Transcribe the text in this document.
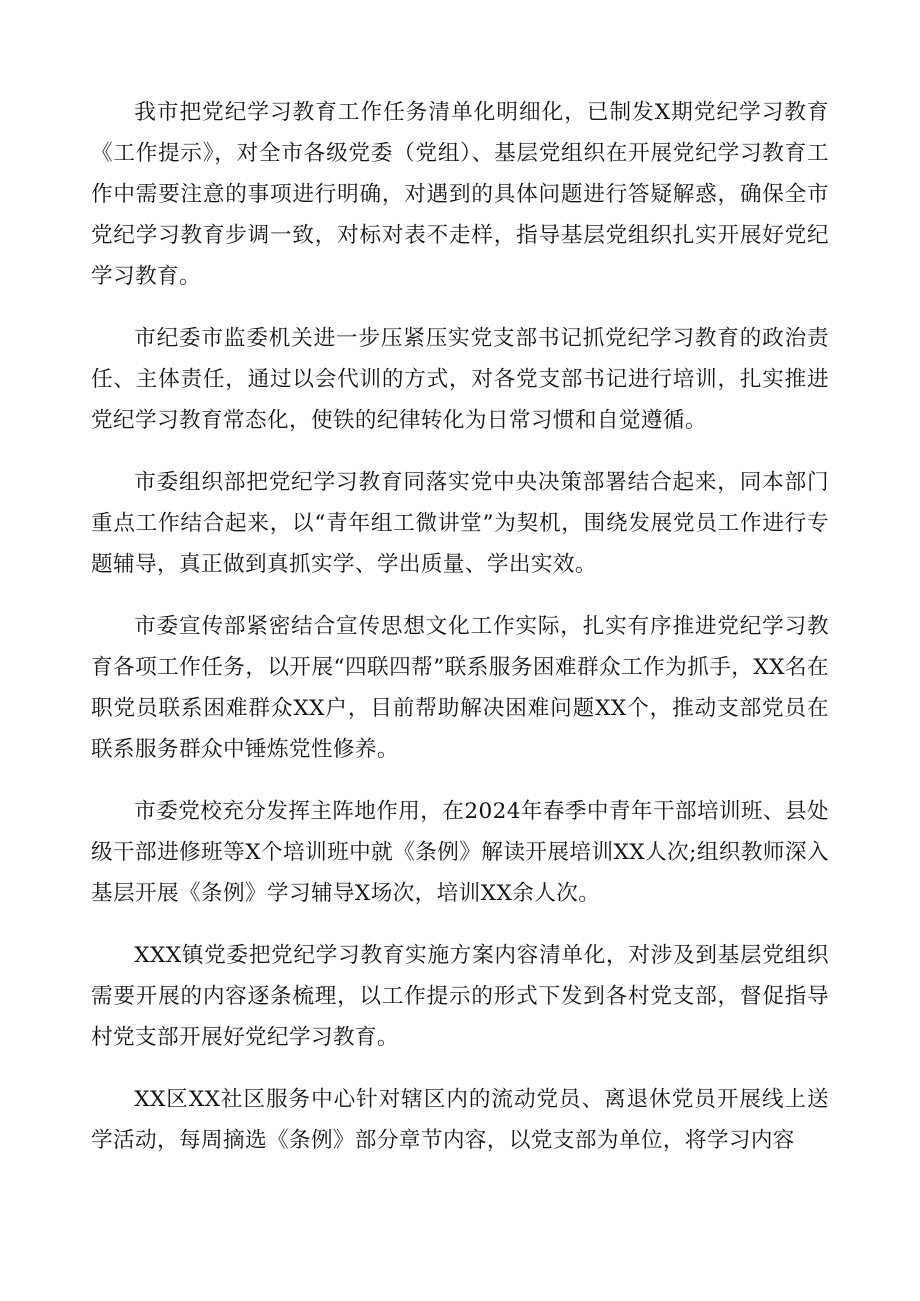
我市把党纪学习教育工作任务清单化明细化，已制发X期党纪学习教育《工作提示》，对全市各级党委（党组）、基层党组织在开展党纪学习教育工作中需要注意的事项进行明确，对遇到的具体问题进行答疑解惑，确保全市党纪学习教育步调一致，对标对表不走样，指导基层党组织扎实开展好党纪学习教育。

市纪委市监委机关进一步压紧压实党支部书记抓党纪学习教育的政治责任、主体责任，通过以会代训的方式，对各党支部书记进行培训，扎实推进党纪学习教育常态化，使铁的纪律转化为日常习惯和自觉遵循。

市委组织部把党纪学习教育同落实党中央决策部署结合起来，同本部门重点工作结合起来，以“青年组工微讲堂”为契机，围绕发展党员工作进行专题辅导，真正做到真抓实学、学出质量、学出实效。

市委宣传部紧密结合宣传思想文化工作实际，扎实有序推进党纪学习教育各项工作任务，以开展“四联四帮”联系服务困难群众工作为抓手，XX名在职党员联系困难群众XX户，目前帮助解决困难问题XX个，推动支部党员在联系服务群众中锤炼党性修养。

市委党校充分发挥主阵地作用，在2024年春季中青年干部培训班、县处级干部进修班等X个培训班中就《条例》解读开展培训XX人次;组织教师深入基层开展《条例》学习辅导X场次，培训XX余人次。

XXX镇党委把党纪学习教育实施方案内容清单化，对涉及到基层党组织需要开展的内容逐条梳理，以工作提示的形式下发到各村党支部，督促指导村党支部开展好党纪学习教育。

XX区XX社区服务中心针对辖区内的流动党员、离退休党员开展线上送学活动，每周摘选《条例》部分章节内容，以党支部为单位，将学习内容
